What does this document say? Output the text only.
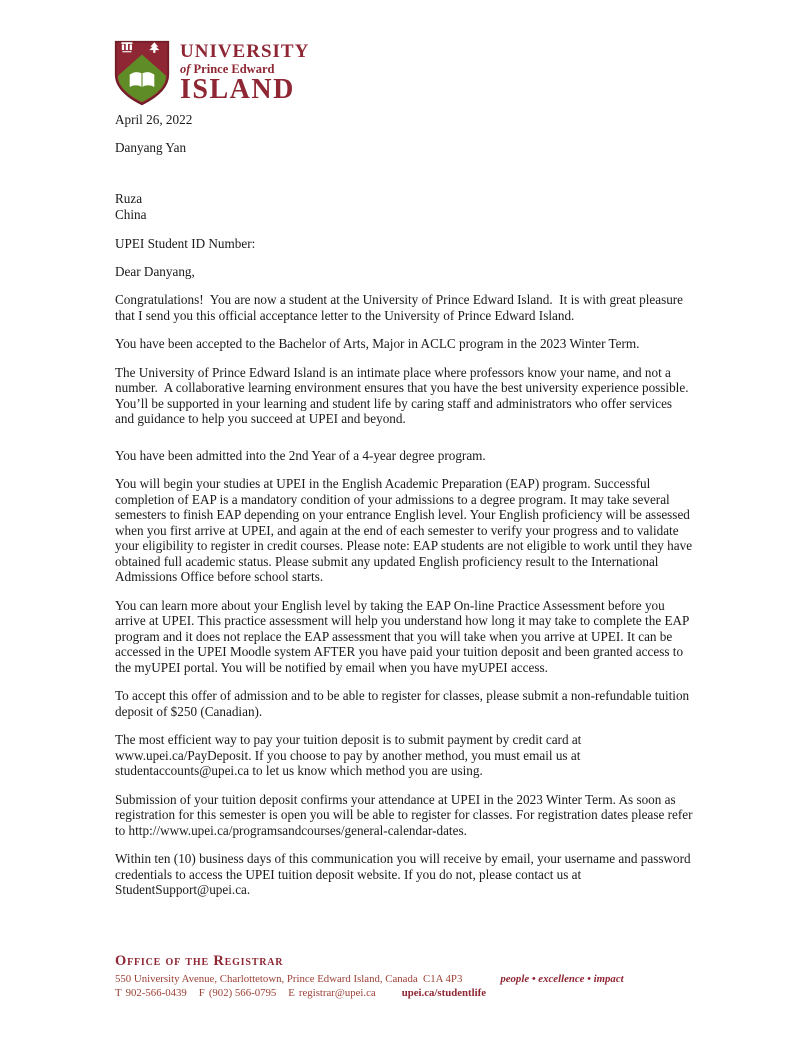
UNIVERSITY
of Prince Edward
ISLAND
April 26, 2022
Danyang Yan
Ruza
China
UPEI Student ID Number:
Dear Danyang,

Congratulations!  You are now a student at the University of Prince Edward Island.  It is with great pleasure that I send you this official acceptance letter to the University of Prince Edward Island.

You have been accepted to the Bachelor of Arts, Major in ACLC program in the 2023 Winter Term.

The University of Prince Edward Island is an intimate place where professors know your name, and not a number.  A collaborative learning environment ensures that you have the best university experience possible.  You’ll be supported in your learning and student life by caring staff and administrators who offer services and guidance to help you succeed at UPEI and beyond.

You have been admitted into the 2nd Year of a 4-year degree program.

You will begin your studies at UPEI in the English Academic Preparation (EAP) program. Successful completion of EAP is a mandatory condition of your admissions to a degree program. It may take several semesters to finish EAP depending on your entrance English level. Your English proficiency will be assessed when you first arrive at UPEI, and again at the end of each semester to verify your progress and to validate your eligibility to register in credit courses. Please note: EAP students are not eligible to work until they have obtained full academic status. Please submit any updated English proficiency result to the International Admissions Office before school starts.

You can learn more about your English level by taking the EAP On-line Practice Assessment before you arrive at UPEI. This practice assessment will help you understand how long it may take to complete the EAP program and it does not replace the EAP assessment that you will take when you arrive at UPEI. It can be accessed in the UPEI Moodle system AFTER you have paid your tuition deposit and been granted access to the myUPEI portal. You will be notified by email when you have myUPEI access.

To accept this offer of admission and to be able to register for classes, please submit a non-refundable tuition deposit of $250 (Canadian).

The most efficient way to pay your tuition deposit is to submit payment by credit card at www.upei.ca/PayDeposit. If you choose to pay by another method, you must email us at studentaccounts@upei.ca to let us know which method you are using.

Submission of your tuition deposit confirms your attendance at UPEI in the 2023 Winter Term. As soon as registration for this semester is open you will be able to register for classes. For registration dates please refer to http://www.upei.ca/programsandcourses/general-calendar-dates.

Within ten (10) business days of this communication you will receive by email, your username and password credentials to access the UPEI tuition deposit website. If you do not, please contact us at StudentSupport@upei.ca.

Office of the Registrar
550 University Avenue, Charlottetown, Prince Edward Island, Canada  C1A 4P3	people • excellence • impact
T 902-566-0439 F (902) 566-0795 E registrar@upei.ca upei.ca/studentlife
